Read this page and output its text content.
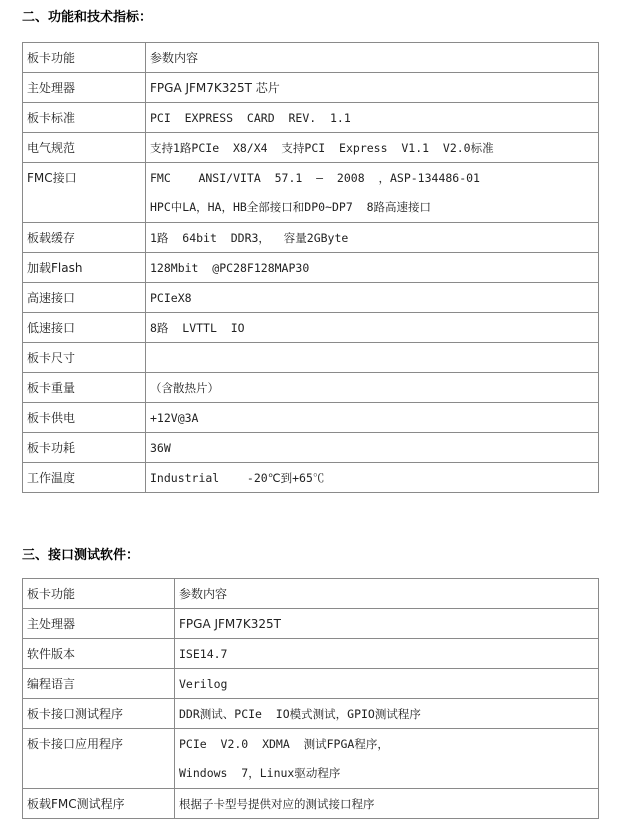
二、功能和技术指标：
板卡功能	参数内容

主处理器	FPGA JFM7K325T 芯片

板卡标准	PCI  EXPRESS  CARD  REV.  1.1

电气规范	支持1路PCIe  X8/X4  支持PCI  Express  V1.1  V2.0标准

FMC接口	FMC    ANSI/VITA  57.1  –  2008  ，ASP-134486-01
HPC中LA，HA，HB全部接口和DP0~DP7  8路高速接口

板载缓存	1路  64bit  DDR3，  容量2GByte

加载Flash	128Mbit  @PC28F128MAP30

高速接口	PCIeX8

低速接口	8路  LVTTL  IO

板卡尺寸	

板卡重量	（含散热片）

板卡供电	+12V@3A

板卡功耗	36W

工作温度	Industrial    -20℃到+65℃
三、接口测试软件：
板卡功能	参数内容

主处理器	FPGA JFM7K325T

软件版本	ISE14.7

编程语言	Verilog

板卡接口测试程序	DDR测试、PCIe  IO模式测试，GPIO测试程序

板卡接口应用程序	PCIe  V2.0  XDMA  测试FPGA程序，
Windows  7，Linux驱动程序

板载FMC测试程序	根据子卡型号提供对应的测试接口程序
